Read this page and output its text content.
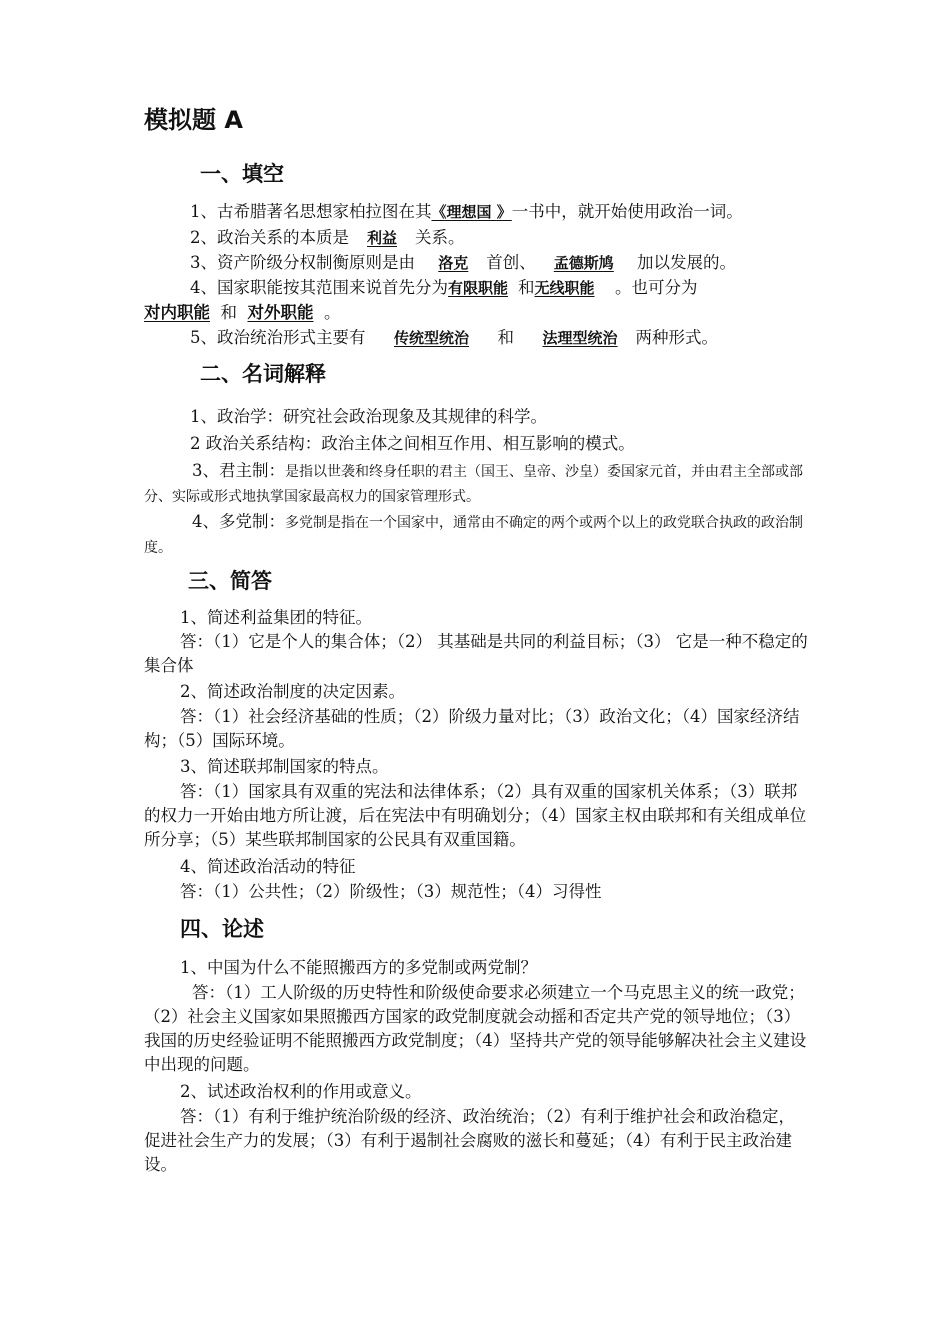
模拟题 A
一、填空
1、古希腊著名思想家柏拉图在其《理想国 》一书中，就开始使用政治一词。
2、政治关系的本质是 利益 关系。
3、资产阶级分权制衡原则是由 洛克 首创、 孟德斯鸠 加以发展的。
4、国家职能按其范围来说首先分为有限职能 和无线职能 。也可分为
对内职能 和 对外职能 。
5、政治统治形式主要有 传统型统治 和 法理型统治 两种形式。
二、名词解释
1、政治学：研究社会政治现象及其规律的科学。
2 政治关系结构：政治主体之间相互作用、相互影响的模式。
3、君主制：是指以世袭和终身任职的君主（国王、皇帝、沙皇）委国家元首，并由君主全部或部分、实际或形式地执掌国家最高权力的国家管理形式。
4、多党制：多党制是指在一个国家中，通常由不确定的两个或两个以上的政党联合执政的政治制度。
三、简答
1、简述利益集团的特征。
答：（1）它是个人的集合体；（2） 其基础是共同的利益目标；（3） 它是一种不稳定的集合体
2、简述政治制度的决定因素。
答：（1）社会经济基础的性质；（2）阶级力量对比；（3）政治文化；（4）国家经济结构；（5）国际环境。
3、简述联邦制国家的特点。
答：（1）国家具有双重的宪法和法律体系；（2）具有双重的国家机关体系；（3）联邦的权力一开始由地方所让渡，后在宪法中有明确划分；（4）国家主权由联邦和有关组成单位所分享；（5）某些联邦制国家的公民具有双重国籍。
4、简述政治活动的特征
答：（1）公共性；（2）阶级性；（3）规范性；（4）习得性
四、论述
1、中国为什么不能照搬西方的多党制或两党制？
答：（1）工人阶级的历史特性和阶级使命要求必须建立一个马克思主义的统一政党；（2）社会主义国家如果照搬西方国家的政党制度就会动摇和否定共产党的领导地位；（3）我国的历史经验证明不能照搬西方政党制度；（4）坚持共产党的领导能够解决社会主义建设中出现的问题。
2、试述政治权利的作用或意义。
答：（1）有利于维护统治阶级的经济、政治统治；（2）有利于维护社会和政治稳定，促进社会生产力的发展；（3）有利于遏制社会腐败的滋长和蔓延；（4）有利于民主政治建设。
